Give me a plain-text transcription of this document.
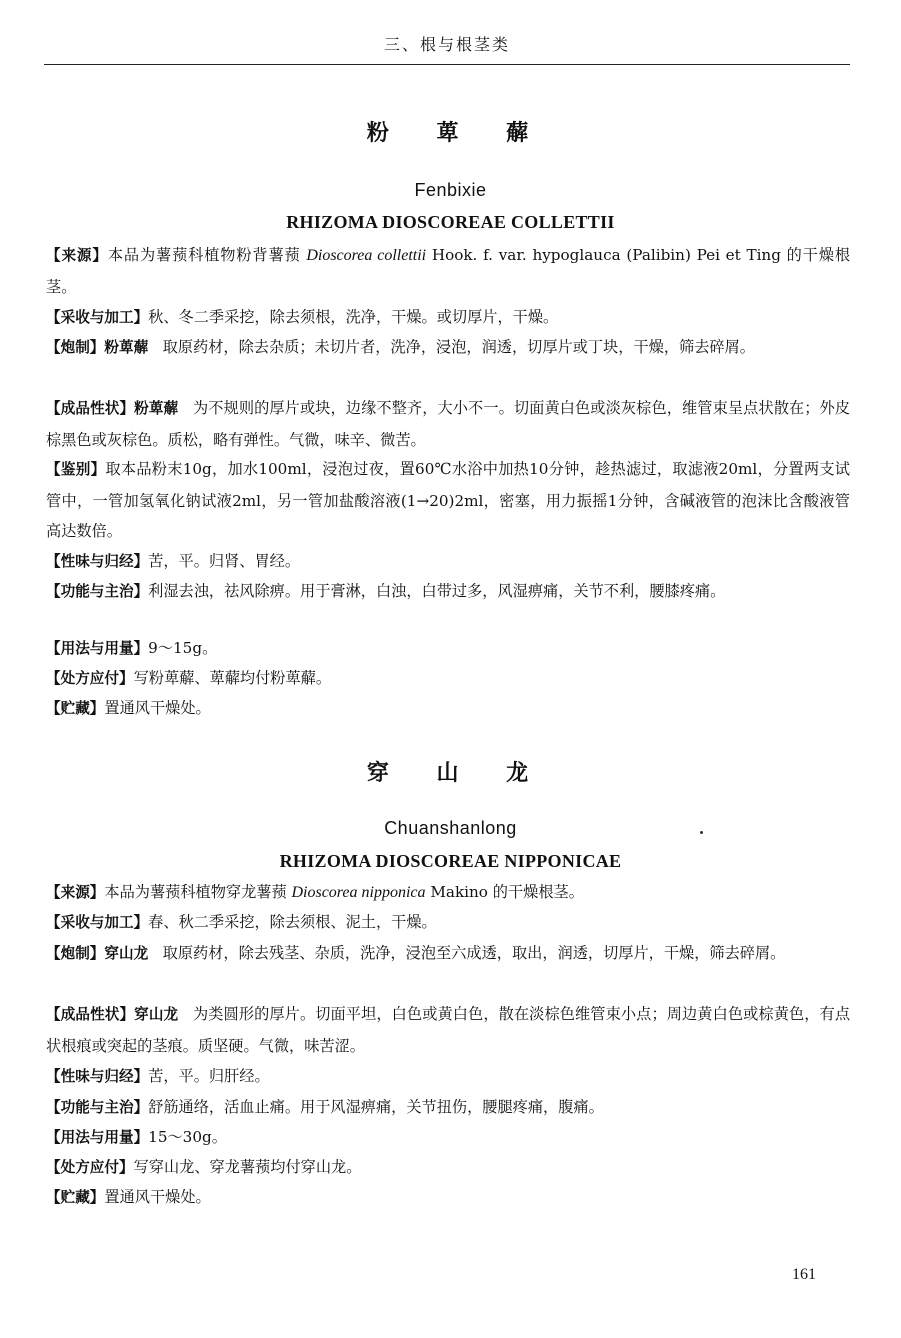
三、根与根茎类
粉 萆 薢
Fenbixie
RHIZOMA DIOSCOREAE COLLETTII
【来源】本品为薯蓣科植物粉背薯蓣 Dioscorea collettii Hook. f. var. hypoglauca (Palibin) Pei et Ting 的干燥根茎。
【采收与加工】秋、冬二季采挖，除去须根，洗净，干燥。或切厚片，干燥。
【炮制】粉萆薢 取原药材，除去杂质；未切片者，洗净，浸泡，润透，切厚片或丁块，干燥，筛去碎屑。
【成品性状】粉萆薢 为不规则的厚片或块，边缘不整齐，大小不一。切面黄白色或淡灰棕色，维管束呈点状散在；外皮棕黑色或灰棕色。质松，略有弹性。气微，味辛、微苦。
【鉴别】取本品粉末10g，加水100ml，浸泡过夜，置60℃水浴中加热10分钟，趁热滤过，取滤液20ml，分置两支试管中，一管加氢氧化钠试液2ml，另一管加盐酸溶液(1→20)2ml，密塞，用力振摇1分钟，含碱液管的泡沫比含酸液管高达数倍。
【性味与归经】苦，平。归肾、胃经。
【功能与主治】利湿去浊，祛风除痹。用于膏淋，白浊，白带过多，风湿痹痛，关节不利，腰膝疼痛。
【用法与用量】9～15g。
【处方应付】写粉萆薢、萆薢均付粉萆薢。
【贮藏】置通风干燥处。
穿 山 龙
Chuanshanlong
RHIZOMA DIOSCOREAE NIPPONICAE
【来源】本品为薯蓣科植物穿龙薯蓣 Dioscorea nipponica Makino 的干燥根茎。
【采收与加工】春、秋二季采挖，除去须根、泥土，干燥。
【炮制】穿山龙 取原药材，除去残茎、杂质，洗净，浸泡至六成透，取出，润透，切厚片，干燥，筛去碎屑。
【成品性状】穿山龙 为类圆形的厚片。切面平坦，白色或黄白色，散在淡棕色维管束小点；周边黄白色或棕黄色，有点状根痕或突起的茎痕。质坚硬。气微，味苦涩。
【性味与归经】苦，平。归肝经。
【功能与主治】舒筋通络，活血止痛。用于风湿痹痛，关节扭伤，腰腿疼痛，腹痛。
【用法与用量】15～30g。
【处方应付】写穿山龙、穿龙薯蓣均付穿山龙。
【贮藏】置通风干燥处。
161
